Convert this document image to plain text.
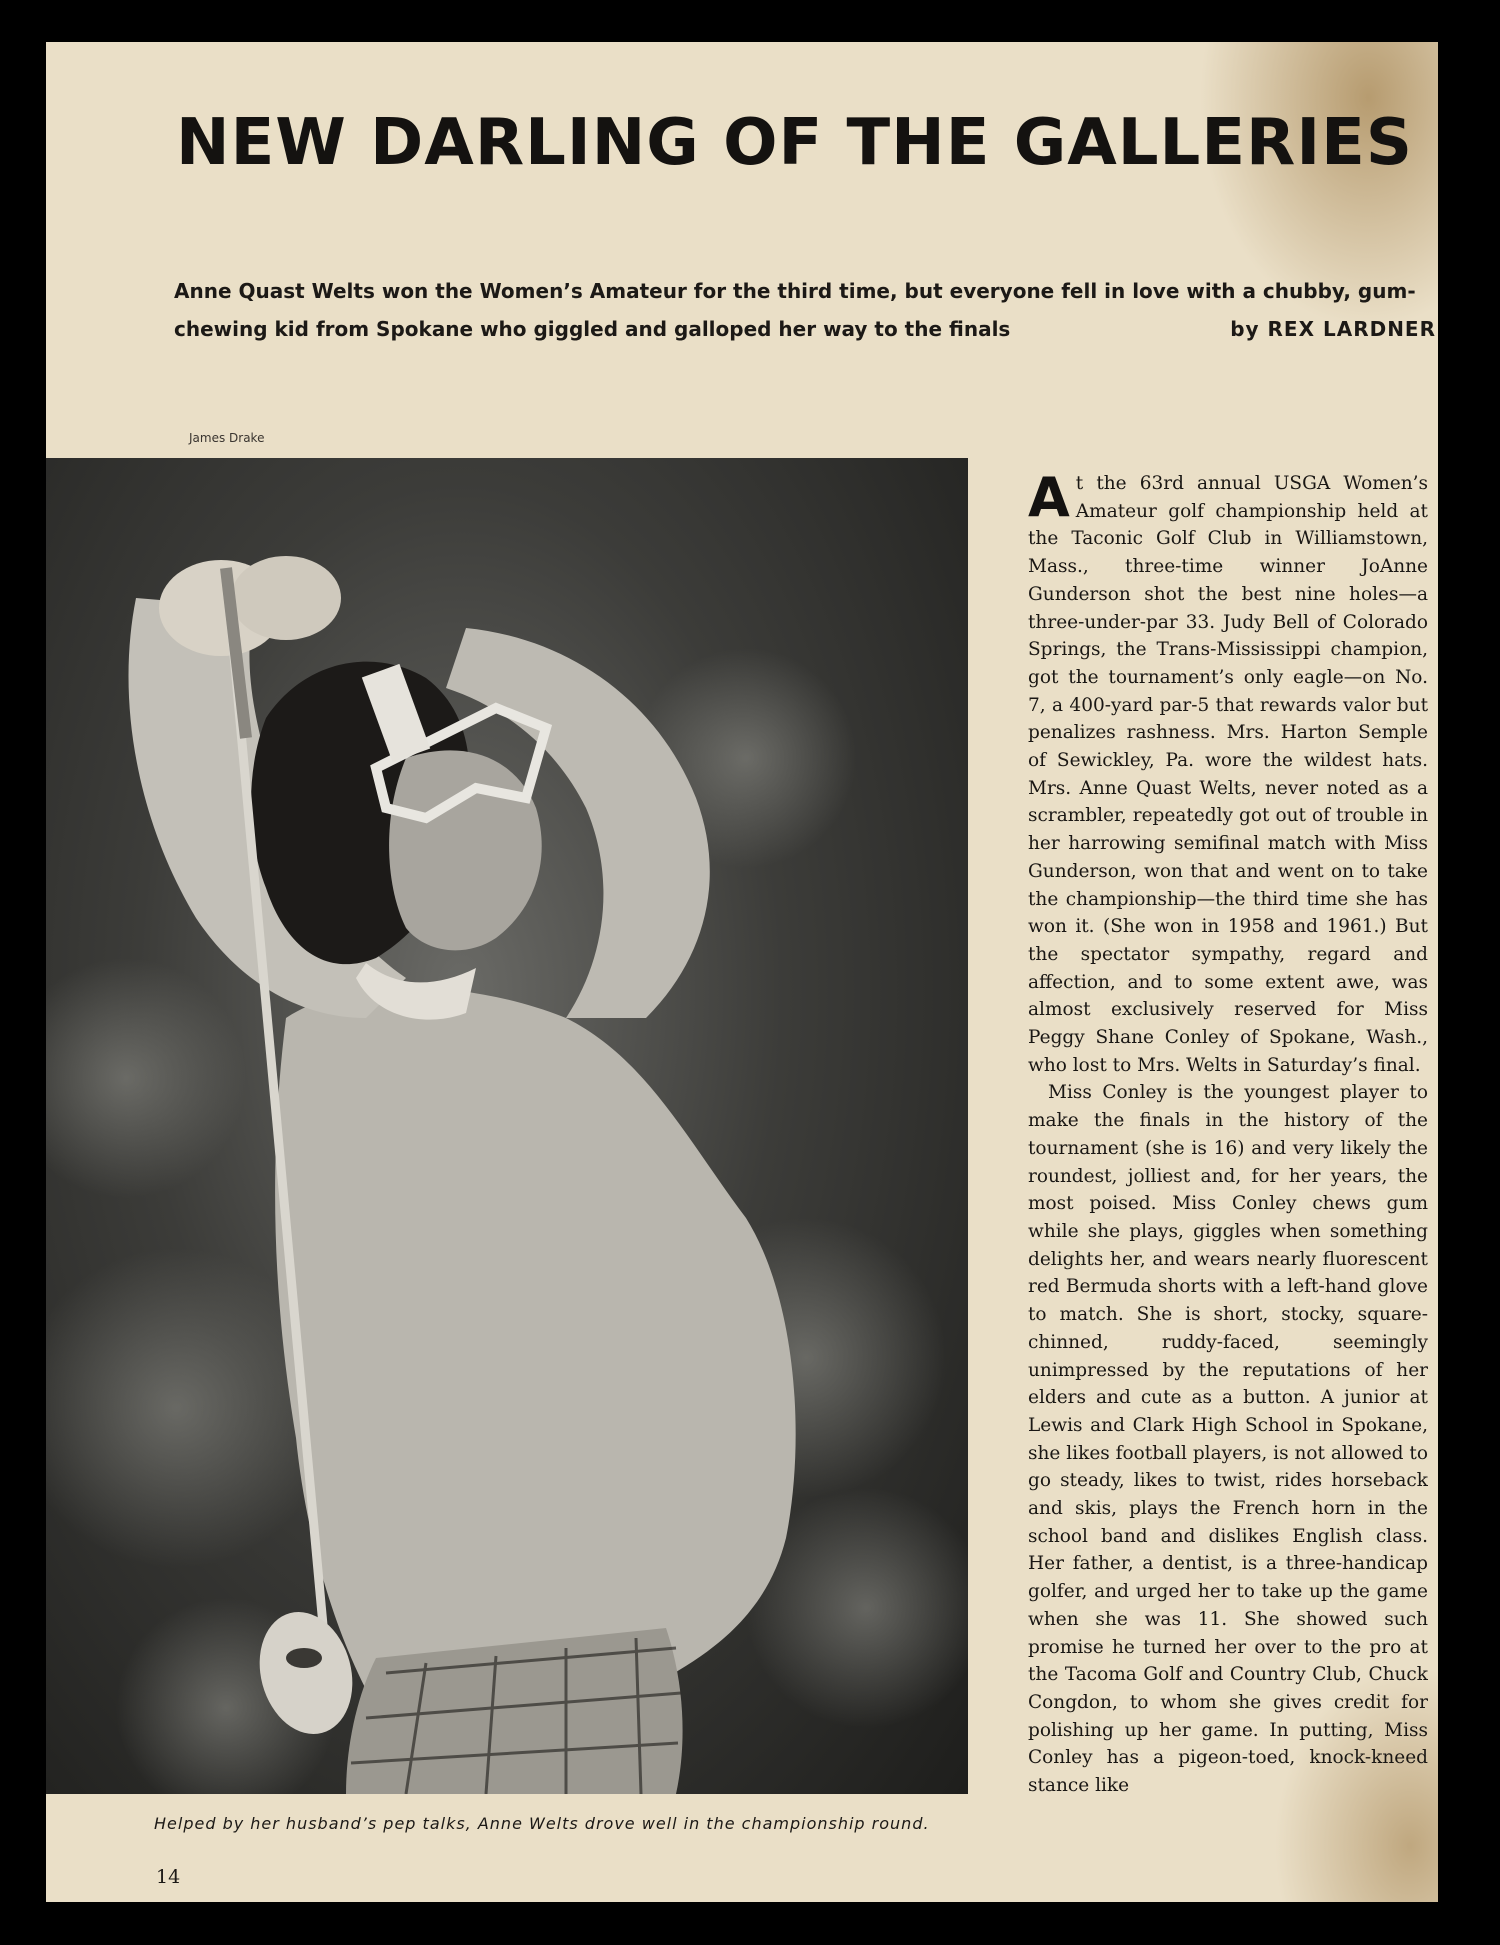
NEW DARLING OF THE GALLERIES
Anne Quast Welts won the Women’s Amateur for the third time, but everyone fell in love with a chubby, gum-chewing kid from Spokane who giggled and galloped her way to the finals	by REX LARDNER
James Drake
Helped by her husband’s pep talks, Anne Welts drove well in the championship round.

At the 63rd annual USGA Women’s Amateur golf championship held at the Taconic Golf Club in Williamstown, Mass., three-time winner JoAnne Gunderson shot the best nine holes—a three-under-par 33. Judy Bell of Colorado Springs, the Trans-Mississippi champion, got the tournament’s only eagle—on No. 7, a 400-yard par-5 that rewards valor but penalizes rashness. Mrs. Harton Semple of Sewickley, Pa. wore the wildest hats. Mrs. Anne Quast Welts, never noted as a scrambler, repeatedly got out of trouble in her harrowing semifinal match with Miss Gunderson, won that and went on to take the championship—the third time she has won it. (She won in 1958 and 1961.) But the spectator sympathy, regard and affection, and to some extent awe, was almost exclusively reserved for Miss Peggy Shane Conley of Spokane, Wash., who lost to Mrs. Welts in Saturday’s final.

Miss Conley is the youngest player to make the finals in the history of the tournament (she is 16) and very likely the roundest, jolliest and, for her years, the most poised. Miss Conley chews gum while she plays, giggles when something delights her, and wears nearly fluorescent red Bermuda shorts with a left-hand glove to match. She is short, stocky, square-chinned, ruddy-faced, seemingly unimpressed by the reputations of her elders and cute as a button. A junior at Lewis and Clark High School in Spokane, she likes football players, is not allowed to go steady, likes to twist, rides horseback and skis, plays the French horn in the school band and dislikes English class. Her father, a dentist, is a three-handicap golfer, and urged her to take up the game when she was 11. She showed such promise he turned her over to the pro at the Tacoma Golf and Country Club, Chuck Congdon, to whom she gives credit for polishing up her game. In putting, Miss Conley has a pigeon-toed, knock-kneed stance like

14
